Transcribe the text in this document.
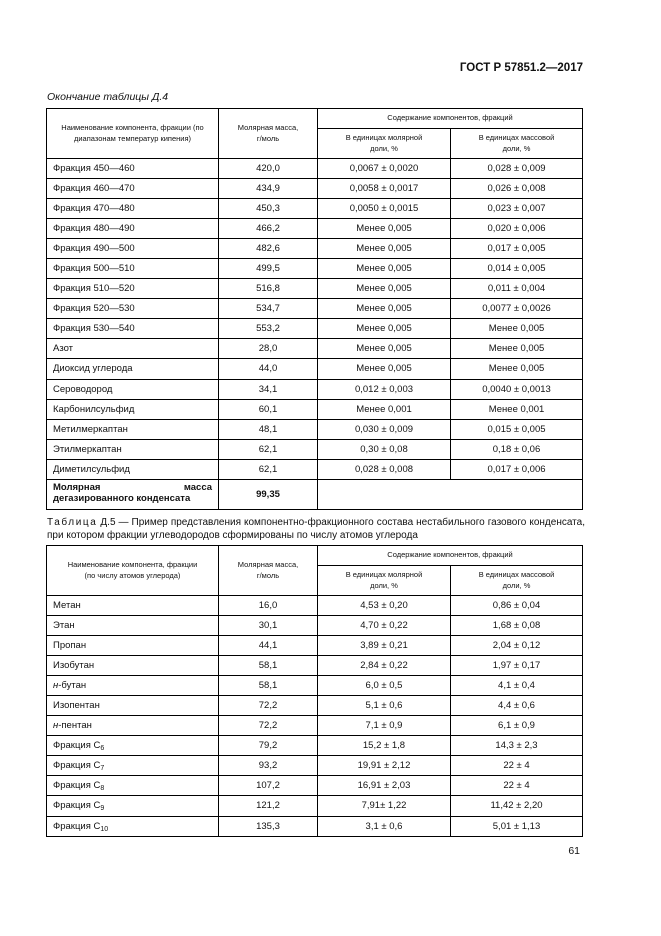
ГОСТ Р 57851.2—2017
Окончание таблицы Д.4
Наименование компонента, фракции (по диапазонам температур кипения)	Молярная масса, г/моль	Содержание компонентов, фракций	
		В единицах молярной доли, %	В единицах массовой доли, %
Фракция 450—460	420,0	0,0067 ± 0,0020	0,028 ± 0,009
Фракция 460—470	434,9	0,0058 ± 0,0017	0,026 ± 0,008
Фракция 470—480	450,3	0,0050 ± 0,0015	0,023 ± 0,007
Фракция 480—490	466,2	Менее 0,005	0,020 ± 0,006
Фракция 490—500	482,6	Менее 0,005	0,017 ± 0,005
Фракция 500—510	499,5	Менее 0,005	0,014 ± 0,005
Фракция 510—520	516,8	Менее 0,005	0,011 ± 0,004
Фракция 520—530	534,7	Менее 0,005	0,0077 ± 0,0026
Фракция 530—540	553,2	Менее 0,005	Менее 0,005
Азот	28,0	Менее 0,005	Менее 0,005
Диоксид углерода	44,0	Менее 0,005	Менее 0,005
Сероводород	34,1	0,012 ± 0,003	0,0040 ± 0,0013
Карбонилсульфид	60,1	Менее 0,001	Менее 0,001
Метилмеркаптан	48,1	0,030 ± 0,009	0,015 ± 0,005
Этилмеркаптан	62,1	0,30 ± 0,08	0,18 ± 0,06
Диметилсульфид	62,1	0,028 ± 0,008	0,017 ± 0,006
Молярная масса дегазированного конденсата	99,35		
Таблица Д.5 — Пример представления компонентно-фракционного состава нестабильного газового конденсата, при котором фракции углеводородов сформированы по числу атомов углерода
Наименование компонента, фракции (по числу атомов углерода)	Молярная масса, г/моль	Содержание компонентов, фракций	
		В единицах молярной доли, %	В единицах массовой доли, %
Метан	16,0	4,53 ± 0,20	0,86 ± 0,04
Этан	30,1	4,70 ± 0,22	1,68 ± 0,08
Пропан	44,1	3,89 ± 0,21	2,04 ± 0,12
Изобутан	58,1	2,84 ± 0,22	1,97 ± 0,17
н-бутан	58,1	6,0 ± 0,5	4,1 ± 0,4
Изопентан	72,2	5,1 ± 0,6	4,4 ± 0,6
н-пентан	72,2	7,1 ± 0,9	6,1 ± 0,9
Фракция $С_6$	79,2	15,2 ± 1,8	14,3 ± 2,3
Фракция $С_7$	93,2	19,91 ± 2,12	22 ± 4
Фракция $С_8$	107,2	16,91 ± 2,03	22 ± 4
Фракция $С_9$	121,2	7,91± 1,22	11,42 ± 2,20
Фракция $С_{10}$	135,3	3,1 ± 0,6	5,01 ± 1,13
61
